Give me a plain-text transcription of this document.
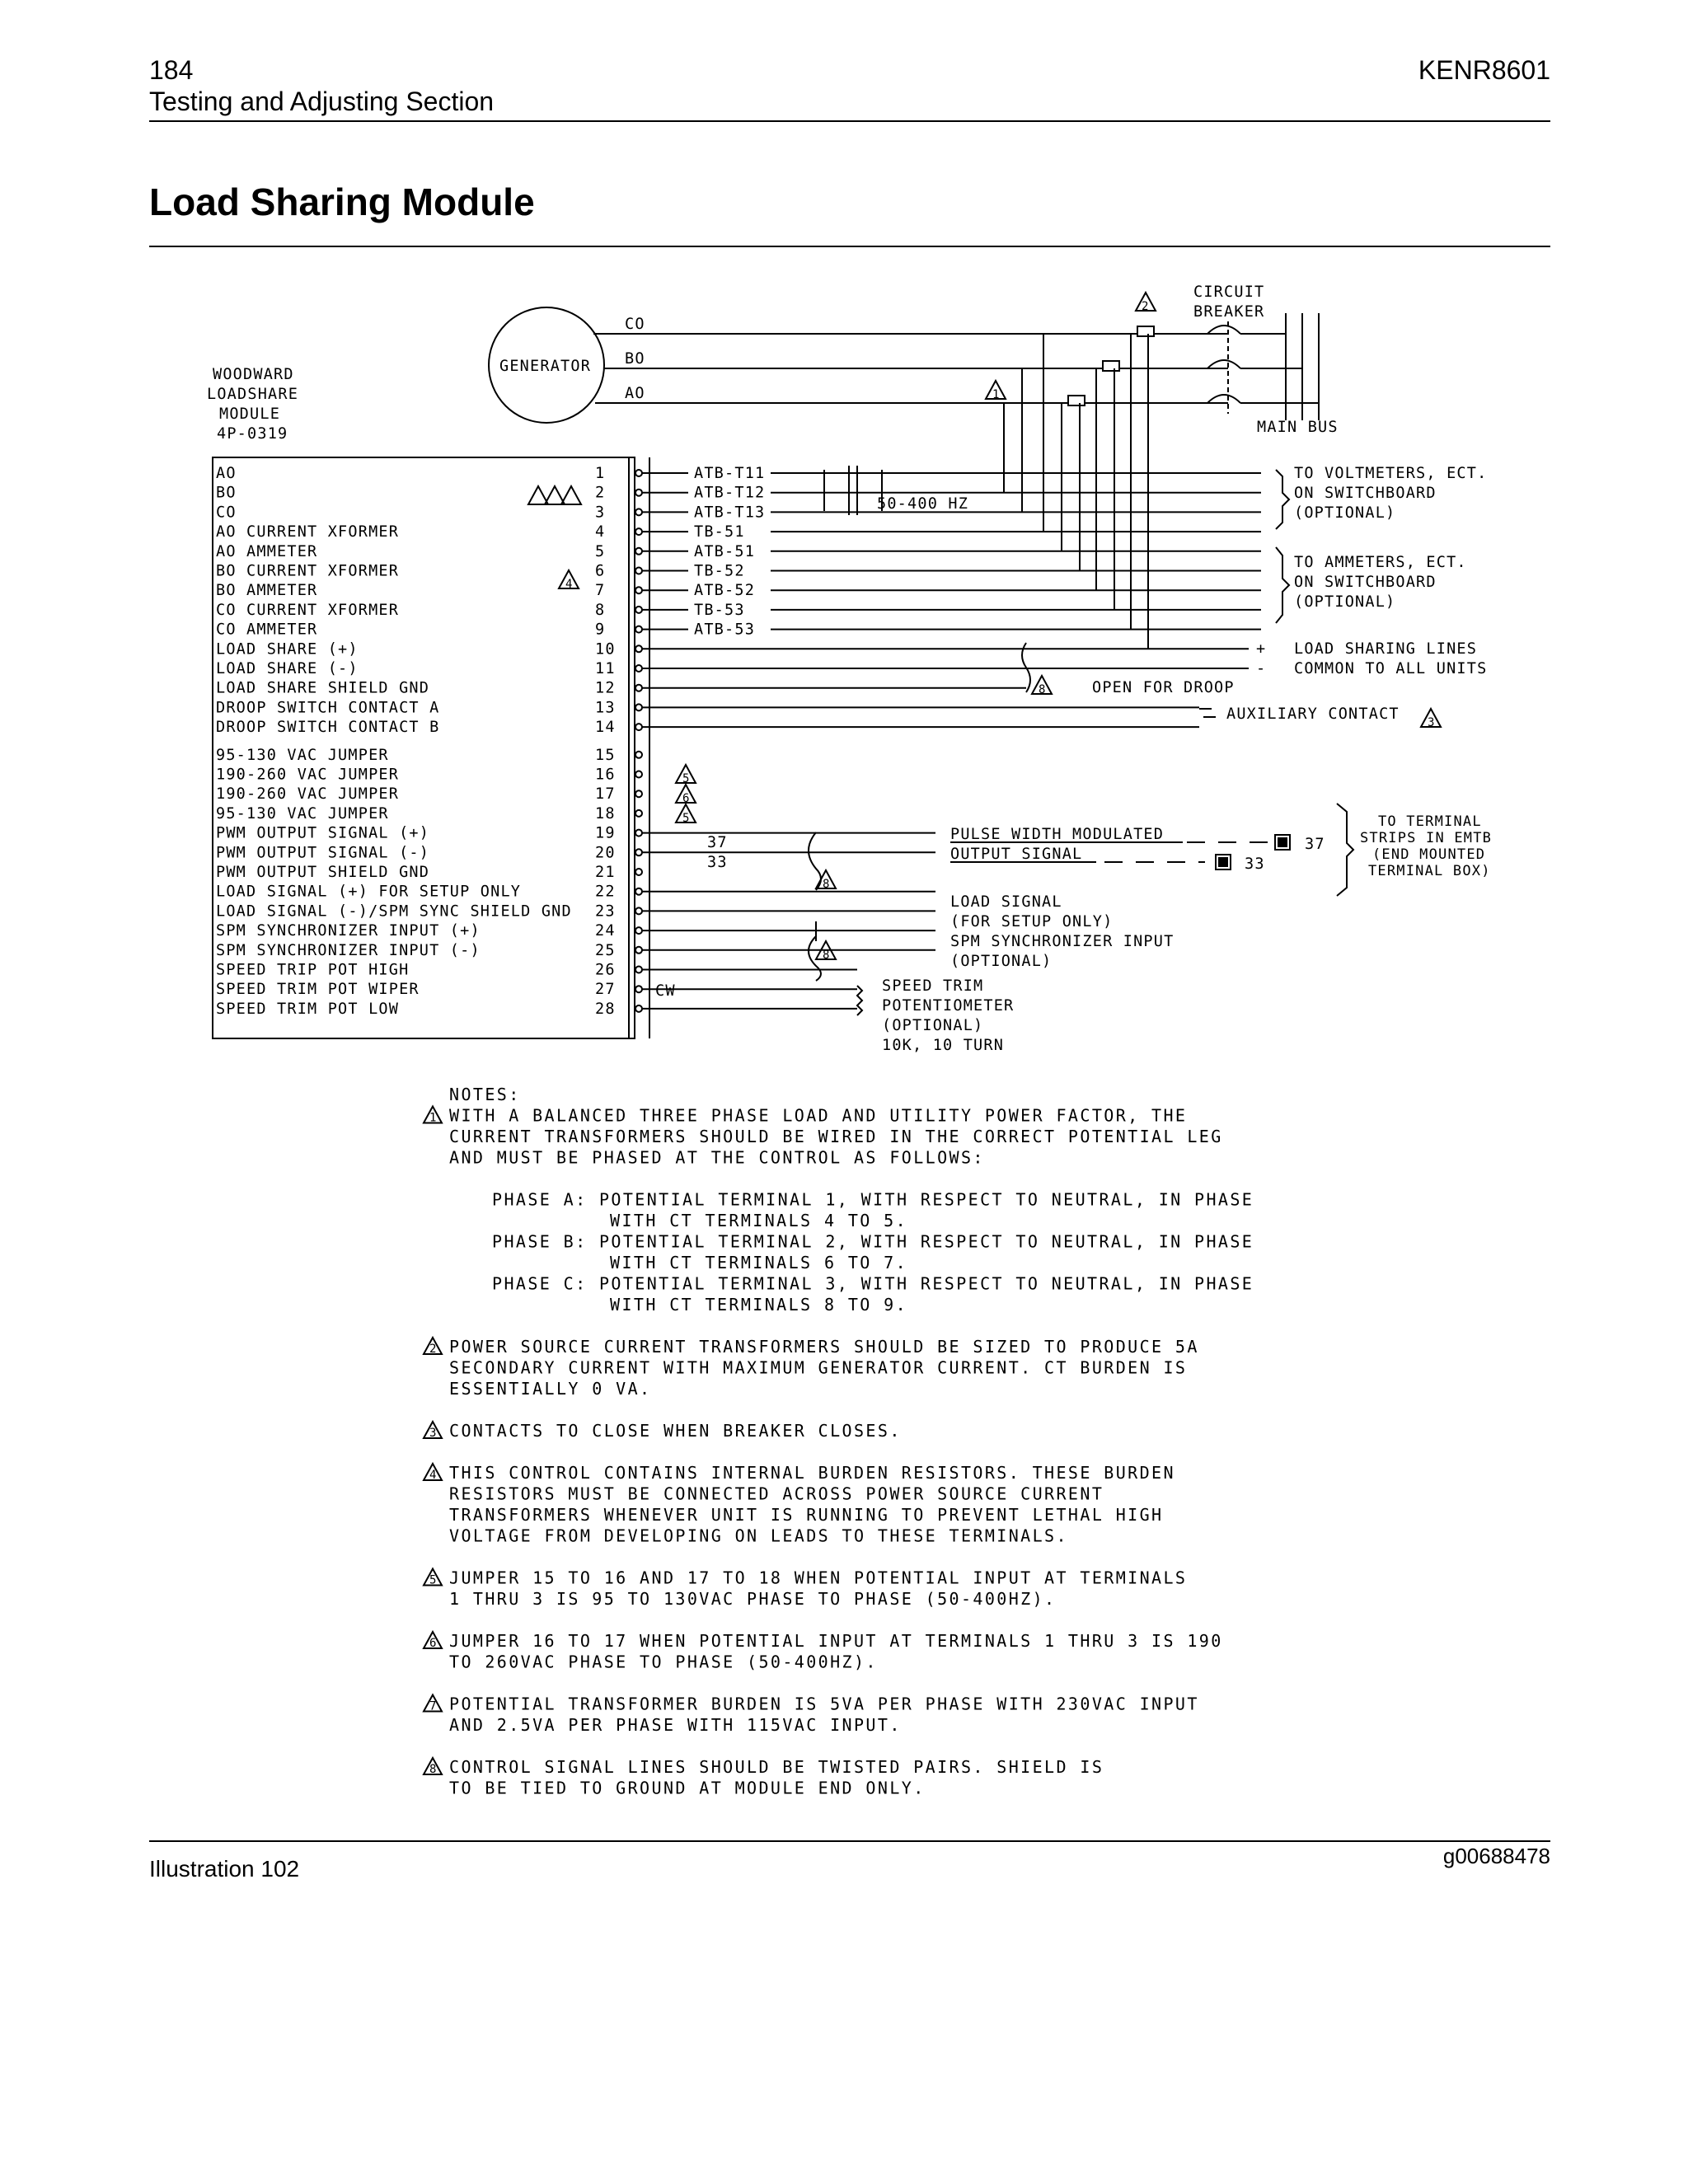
184
Testing and Adjusting Section
KENR8601
Load Sharing Module
GENERATOR
WOODWARD
LOADSHARE
MODULE
4P-0319
CO
BO
AO
CIRCUIT
BREAKER
MAIN BUS
AO	1
BO	2
CO	3
AO CURRENT XFORMER	4
AO AMMETER	5
BO CURRENT XFORMER	6
BO AMMETER	7
CO CURRENT XFORMER	8
CO AMMETER	9
LOAD SHARE (+)	10
LOAD SHARE (-)	11
LOAD SHARE SHIELD GND	12
DROOP SWITCH CONTACT A	13
DROOP SWITCH CONTACT B	14
95-130 VAC JUMPER	15
190-260 VAC JUMPER	16
190-260 VAC JUMPER	17
95-130 VAC JUMPER	18
PWM OUTPUT SIGNAL (+)	19
PWM OUTPUT SIGNAL (-)	20
PWM OUTPUT SHIELD GND	21
LOAD SIGNAL (+) FOR SETUP ONLY	22
LOAD SIGNAL (-)/SPM SYNC SHIELD GND 23
SPM SYNCHRONIZER INPUT (+)	24
SPM SYNCHRONIZER INPUT (-)	25
SPEED TRIP POT HIGH	26
SPEED TRIM POT WIPER	27
SPEED TRIM POT LOW	28
ATB-T11
ATB-T12
ATB-T13
TB-51
ATB-51
TB-52
ATB-52
TB-53
ATB-53
50-400 HZ
TO VOLTMETERS, ECT.
ON SWITCHBOARD
(OPTIONAL)
TO AMMETERS, ECT.
ON SWITCHBOARD
(OPTIONAL)
+
-
LOAD SHARING LINES
COMMON TO ALL UNITS
OPEN FOR DROOP
AUXILIARY CONTACT
37
33
PULSE WIDTH MODULATED
OUTPUT SIGNAL
37
33
TO TERMINAL
STRIPS IN EMTB
(END MOUNTED
TERMINAL BOX)
LOAD SIGNAL
(FOR SETUP ONLY)
SPM SYNCHRONIZER INPUT
(OPTIONAL)
CW	SPEED TRIM
POTENTIOMETER
(OPTIONAL)
10K, 10 TURN
2
1
4
8
3
5
6
5
8
8
NOTES:
1 WITH A BALANCED THREE PHASE LOAD AND UTILITY POWER FACTOR, THE
CURRENT TRANSFORMERS SHOULD BE WIRED IN THE CORRECT POTENTIAL LEG
AND MUST BE PHASED AT THE CONTROL AS FOLLOWS:
PHASE A: POTENTIAL TERMINAL 1, WITH RESPECT TO NEUTRAL, IN PHASE
WITH CT TERMINALS 4 TO 5.
PHASE B: POTENTIAL TERMINAL 2, WITH RESPECT TO NEUTRAL, IN PHASE
WITH CT TERMINALS 6 TO 7.
PHASE C: POTENTIAL TERMINAL 3, WITH RESPECT TO NEUTRAL, IN PHASE
WITH CT TERMINALS 8 TO 9.
2 POWER SOURCE CURRENT TRANSFORMERS SHOULD BE SIZED TO PRODUCE 5A
SECONDARY CURRENT WITH MAXIMUM GENERATOR CURRENT. CT BURDEN IS
ESSENTIALLY 0 VA.
3 CONTACTS TO CLOSE WHEN BREAKER CLOSES.
4 THIS CONTROL CONTAINS INTERNAL BURDEN RESISTORS. THESE BURDEN
RESISTORS MUST BE CONNECTED ACROSS POWER SOURCE CURRENT
TRANSFORMERS WHENEVER UNIT IS RUNNING TO PREVENT LETHAL HIGH
VOLTAGE FROM DEVELOPING ON LEADS TO THESE TERMINALS.
5 JUMPER 15 TO 16 AND 17 TO 18 WHEN POTENTIAL INPUT AT TERMINALS
1 THRU 3 IS 95 TO 130VAC PHASE TO PHASE (50-400HZ).
6 JUMPER 16 TO 17 WHEN POTENTIAL INPUT AT TERMINALS 1 THRU 3 IS 190
TO 260VAC PHASE TO PHASE (50-400HZ).
7 POTENTIAL TRANSFORMER BURDEN IS 5VA PER PHASE WITH 230VAC INPUT
AND 2.5VA PER PHASE WITH 115VAC INPUT.
8 CONTROL SIGNAL LINES SHOULD BE TWISTED PAIRS. SHIELD IS
TO BE TIED TO GROUND AT MODULE END ONLY.
Illustration 102	g00688478
